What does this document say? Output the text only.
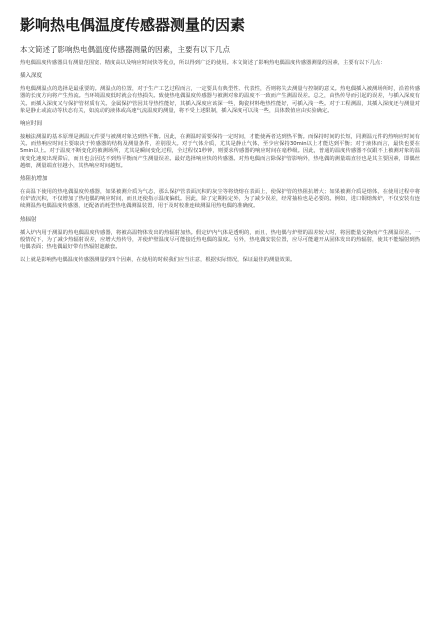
影响热电偶温度传感器测量的因素
本文简述了影响热电偶温度传感器测量的因素，主要有以下几点

热电偶温度传感器具有测量范围宽、精度高以及响应时间快等优点，所以得到广泛的使用。本文简述了影响热电偶温度传感器测量的因素，主要有以下几点：

插入深度

热电偶测温点的选择是最重要的。测温点的位置，对于生产工艺过程而言，一定要具有典型性、代表性，否则将失去测量与控制的意义。热电偶插入被测场所时，沿着传感器的长度方向将产生热流。当环境温度低时就会有热损失。致使热电偶温度传感器与被测对象的温度不一致而产生测温误差。总之，由热传导而引起的误差，与插入深度有关。而插入深度又与保护管材质有关。金属保护管因其导热性能好，其插入深度应该深一些，陶瓷材料绝热性能好，可插入浅一些。对于工程测温，其插入深度还与测量对象是静止或流动等状态有关，如流动的液体或高速气流温度的测量，将不受上述限制，插入深度可以浅一些，具体数值应由实验确定。

响应时间

接触法测温的基本原理是测温元件要与被测对象达到热平衡。因此，在测温时需要保持一定时间，才能使两者达到热平衡。而保持时间的长短，同测温元件的热响应时间有关。而热响应时间主要取决于传感器的结构及测量条件，差别很大。对于气体介质，尤其是静止气体，至少应保持30min以上才能达到平衡；对于液体而言，最快也要在5min以上。对于温度不断变化的被测场所，尤其是瞬间变化过程，全过程仅1秒钟，则要求传感器的响应时间在毫秒级。因此，普通的温度传感器不仅跟不上被测对象的温度变化速度出现滞后，而且也会因达不到热平衡而产生测量误差。最好选择响应快的传感器。对热电偶而言除保护管影响外，热电偶的测量端直径也是其主要因素，即偶丝越细，测量端直径越小，其热响应时间越短。

热阻抗增加

在高温下使用的热电偶温度传感器，如果被测介质为气态，那么保护管表面沉积的灰尘等将烧熔在表面上，使保护管的热阻抗增大；如果被测介质是熔体，在使用过程中将有炉渣沉积，不仅增加了热电偶的响应时间，而且还使指示温度偏低。因此，除了定期检定外，为了减少误差，经常抽检也是必要的。例如，进口铜熔炼炉，不仅安装有连续测温热电偶温度传感器，还配备消耗型热电偶测温装置，用于及时校准连续测温用热电偶的准确度。

热辐射

插入炉内用于测温的热电偶温度传感器，将被高温物体发出的热辐射加热。假定炉内气体是透明的，而且，热电偶与炉壁的温差较大时，将因能量交换而产生测温误差。一般情况下，为了减少热辐射误差，应增大热传导，并使炉壁温度尽可能接近热电偶的温度。另外，热电偶安装位置，应尽可能避开从固体发出的热辐射，使其不能辐射到热电偶表面；热电偶最好带有热辐射遮蔽套。

以上就是影响热电偶温度传感器测量的四个因素，在使用的时候我们应当注意，根据实际情况，保证最佳的测量效果。
